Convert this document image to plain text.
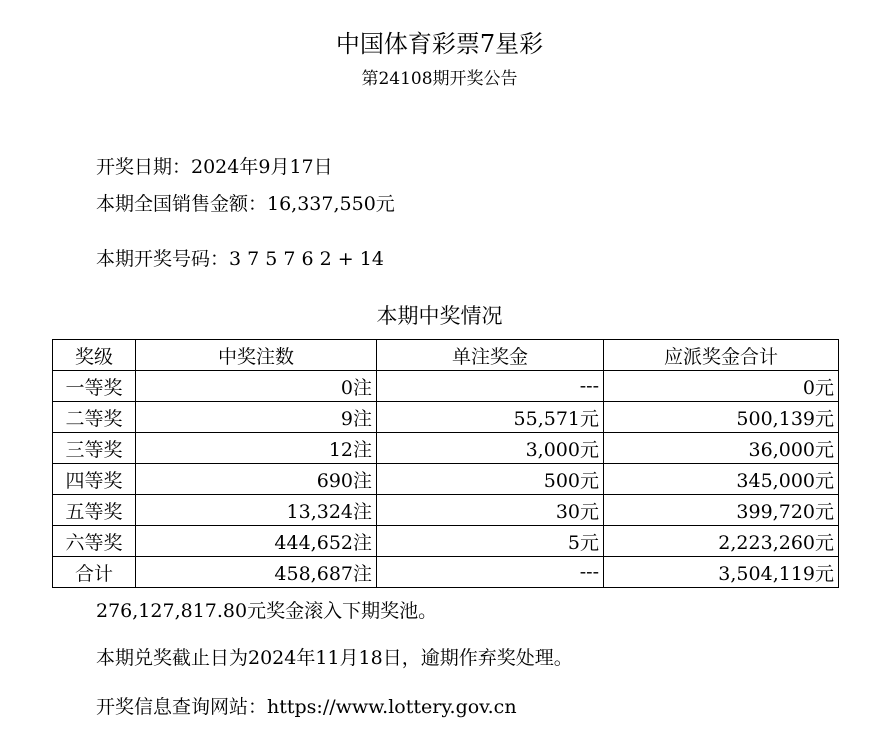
中国体育彩票7星彩
第24108期开奖公告
开奖日期：2024年9月17日
本期全国销售金额：16,337,550元
本期开奖号码：3 7 5 7 6 2 + 14
本期中奖情况
奖级	中奖注数	单注奖金	应派奖金合计
一等奖	0注	---	0元
二等奖	9注	55,571元	500,139元
三等奖	12注	3,000元	36,000元
四等奖	690注	500元	345,000元
五等奖	13,324注	30元	399,720元
六等奖	444,652注	5元	2,223,260元
合计	458,687注	---	3,504,119元
276,127,817.80元奖金滚入下期奖池。
本期兑奖截止日为2024年11月18日，逾期作弃奖处理。
开奖信息查询网站：https://www.lottery.gov.cn
